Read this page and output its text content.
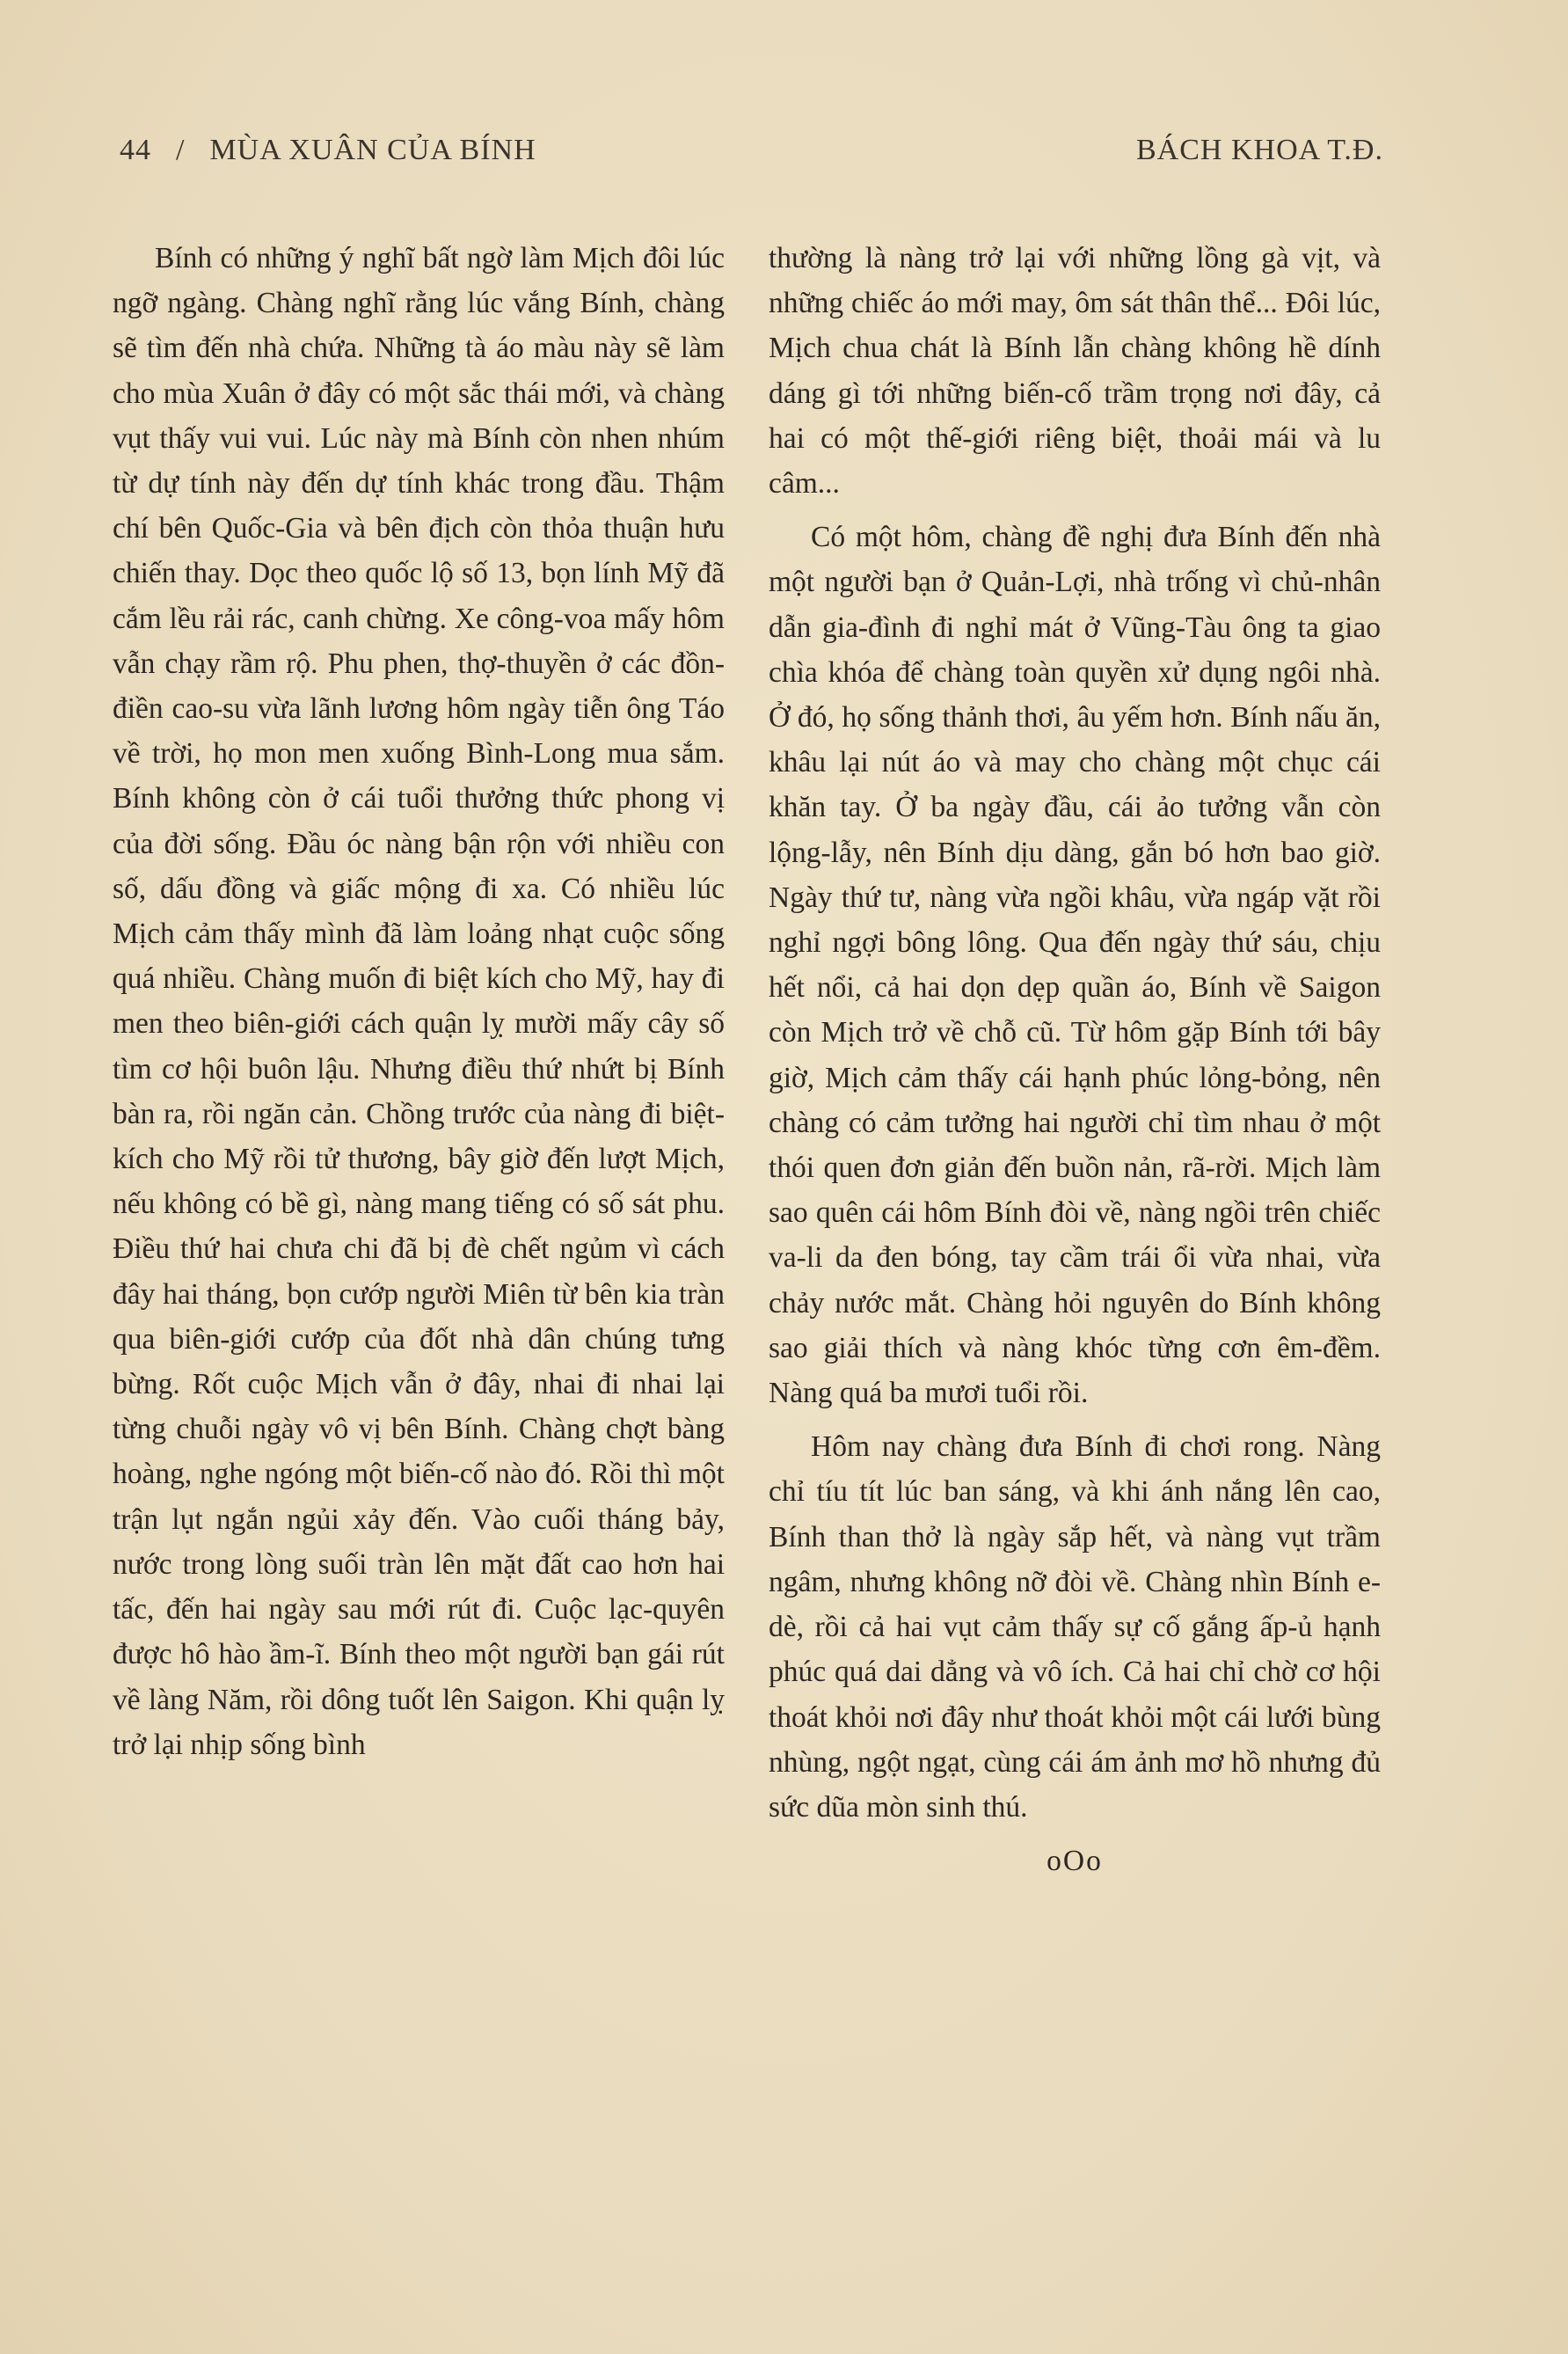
44 / MÙA XUÂN CỦA BÍNH	BÁCH KHOA T.Đ.

Bính có những ý nghĩ bất ngờ làm Mịch đôi lúc ngỡ ngàng. Chàng nghĩ rằng lúc vắng Bính, chàng sẽ tìm đến nhà chứa. Những tà áo màu này sẽ làm cho mùa Xuân ở đây có một sắc thái mới, và chàng vụt thấy vui vui. Lúc này mà Bính còn nhen nhúm từ dự tính này đến dự tính khác trong đầu. Thậm chí bên Quốc-Gia và bên địch còn thỏa thuận hưu chiến thay. Dọc theo quốc lộ số 13, bọn lính Mỹ đã cắm lều rải rác, canh chừng. Xe công-voa mấy hôm vẫn chạy rầm rộ. Phu phen, thợ-thuyền ở các đồn-điền cao-su vừa lãnh lương hôm ngày tiễn ông Táo về trời, họ mon men xuống Bình-Long mua sắm. Bính không còn ở cái tuổi thưởng thức phong vị của đời sống. Đầu óc nàng bận rộn với nhiều con số, dấu đồng và giấc mộng đi xa. Có nhiều lúc Mịch cảm thấy mình đã làm loảng nhạt cuộc sống quá nhiều. Chàng muốn đi biệt kích cho Mỹ, hay đi men theo biên-giới cách quận lỵ mười mấy cây số tìm cơ hội buôn lậu. Nhưng điều thứ nhứt bị Bính bàn ra, rồi ngăn cản. Chồng trước của nàng đi biệt-kích cho Mỹ rồi tử thương, bây giờ đến lượt Mịch, nếu không có bề gì, nàng mang tiếng có số sát phu. Điều thứ hai chưa chi đã bị đè chết ngủm vì cách đây hai tháng, bọn cướp người Miên từ bên kia tràn qua biên-giới cướp của đốt nhà dân chúng tưng bừng. Rốt cuộc Mịch vẫn ở đây, nhai đi nhai lại từng chuỗi ngày vô vị bên Bính. Chàng chợt bàng hoàng, nghe ngóng một biến-cố nào đó. Rồi thì một trận lụt ngắn ngủi xảy đến. Vào cuối tháng bảy, nước trong lòng suối tràn lên mặt đất cao hơn hai tấc, đến hai ngày sau mới rút đi. Cuộc lạc-quyên được hô hào ầm-ĩ. Bính theo một người bạn gái rút về làng Năm, rồi dông tuốt lên Saigon. Khi quận lỵ trở lại nhịp sống bình

thường là nàng trở lại với những lồng gà vịt, và những chiếc áo mới may, ôm sát thân thể... Đôi lúc, Mịch chua chát là Bính lẫn chàng không hề dính dáng gì tới những biến-cố trầm trọng nơi đây, cả hai có một thế-giới riêng biệt, thoải mái và lu câm...

Có một hôm, chàng đề nghị đưa Bính đến nhà một người bạn ở Quản-Lợi, nhà trống vì chủ-nhân dẫn gia-đình đi nghỉ mát ở Vũng-Tàu ông ta giao chìa khóa để chàng toàn quyền xử dụng ngôi nhà. Ở đó, họ sống thảnh thơi, âu yếm hơn. Bính nấu ăn, khâu lại nút áo và may cho chàng một chục cái khăn tay. Ở ba ngày đầu, cái ảo tưởng vẫn còn lộng-lẫy, nên Bính dịu dàng, gắn bó hơn bao giờ. Ngày thứ tư, nàng vừa ngồi khâu, vừa ngáp vặt rồi nghỉ ngợi bông lông. Qua đến ngày thứ sáu, chịu hết nổi, cả hai dọn dẹp quần áo, Bính về Saigon còn Mịch trở về chỗ cũ. Từ hôm gặp Bính tới bây giờ, Mịch cảm thấy cái hạnh phúc lỏng-bỏng, nên chàng có cảm tưởng hai người chỉ tìm nhau ở một thói quen đơn giản đến buồn nản, rã-rời. Mịch làm sao quên cái hôm Bính đòi về, nàng ngồi trên chiếc va-li da đen bóng, tay cầm trái ổi vừa nhai, vừa chảy nước mắt. Chàng hỏi nguyên do Bính không sao giải thích và nàng khóc từng cơn êm-đềm. Nàng quá ba mươi tuổi rồi.

Hôm nay chàng đưa Bính đi chơi rong. Nàng chỉ tíu tít lúc ban sáng, và khi ánh nắng lên cao, Bính than thở là ngày sắp hết, và nàng vụt trầm ngâm, nhưng không nỡ đòi về. Chàng nhìn Bính e-dè, rồi cả hai vụt cảm thấy sự cố gắng ấp-ủ hạnh phúc quá dai dẳng và vô ích. Cả hai chỉ chờ cơ hội thoát khỏi nơi đây như thoát khỏi một cái lưới bùng nhùng, ngột ngạt, cùng cái ám ảnh mơ hồ nhưng đủ sức dũa mòn sinh thú.

oOo
